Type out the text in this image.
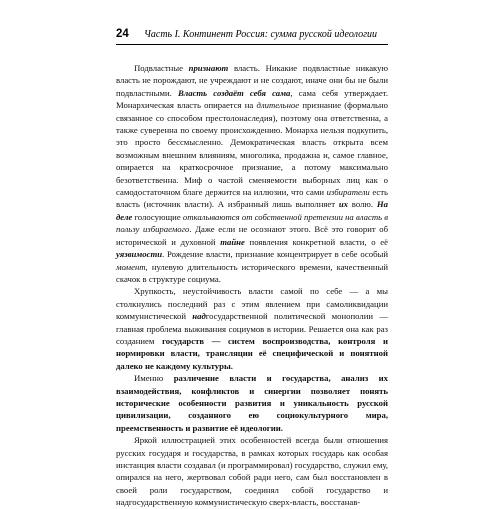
24 Часть I. Континент Россия: сумма русской идеологии

Подвластные признают власть. Никакие подвластные никакую власть не порождают, не учреждают и не создают, иначе они бы не были подвластными. Власть создаёт себя сама, сама себя утверждает. Монархическая власть опирается на длительное признание (формально связанное со способом престолонаследия), поэтому она ответственна, а также суверенна по своему происхождению. Монарха нельзя подкупить, это просто бессмысленно. Демократическая власть открыта всем возможным внешним влияниям, многолика, продажна и, самое главное, опирается на краткосрочное признание, а потому максимально безответственна. Миф о частой сменяемости выборных лиц как о самодостаточном благе держится на иллюзии, что сами избиратели есть власть (источник власти). А избранный лишь выполняет их волю. На деле голосующие откалываются от собственной претензии на власть в пользу избираемого. Даже если не осознают этого. Всё это говорит об исторической и духовной тайне появления конкретной власти, о её уязвимости. Рождение власти, признание концентрирует в себе особый момент, нулевую длительность исторического времени, качественный скачок в структуре социума.

Хрупкость, неустойчивость власти самой по себе — а мы столкнулись последний раз с этим явлением при самоликвидации коммунистической надгосударственной политической монополии — главная проблема выживания социумов в истории. Решается она как раз созданием государств — систем воспроизводства, контроля и нормировки власти, трансляции её специфической и понятной далеко не каждому культуры.

Именно различение власти и государства, анализ их взаимодействия, конфликтов и синергии позволяет понять исторические особенности развития и уникальность русской цивилизации, созданного ею социокультурного мира, преемственность и развитие её идеологии.

Яркой иллюстрацией этих особенностей всегда были отношения русских государя и государства, в рамках которых государь как особая инстанция власти создавал (и программировал) государство, служил ему, опирался на него, жертвовал собой ради него, сам был восстановлен в своей роли государством, соединял собой государство и надгосударственную коммунистическую сверх-власть, восстанав-
